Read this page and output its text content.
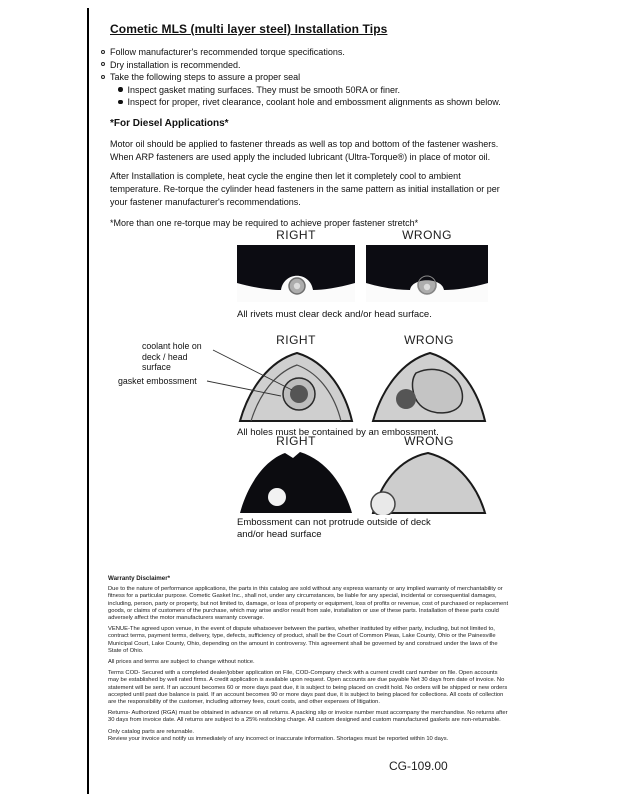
Cometic MLS (multi layer steel) Installation Tips
Follow manufacturer's recommended torque specifications.
Dry installation is recommended.
Take the following steps to assure a proper seal
Inspect gasket mating surfaces. They must be smooth 50RA or finer.
Inspect for proper, rivet clearance, coolant hole and embossment alignments as shown below.
*For Diesel Applications*

Motor oil should be applied to fastener threads as well as top and bottom of the fastener washers. When ARP fasteners are used apply the included lubricant (Ultra-Torque®) in place of motor oil.

After Installation is complete, heat cycle the engine then let it completely cool to ambient temperature. Re-torque the cylinder head fasteners in the same pattern as initial installation or per your fastener manufacturer's recommendations.

*More than one re-torque may be required to achieve proper fastener stretch*

RIGHT	WRONG
All rivets must clear deck and/or head surface.
RIGHT	WRONG
coolant hole on
deck / head surface
gasket embossment
All holes must be contained by an embossment.
RIGHT	WRONG
Embossment can not protrude outside of deck
and/or head surface
Warranty Disclaimer*

Due to the nature of performance applications, the parts in this catalog are sold without any express warranty or any implied warranty of merchantability or fitness for a particular purpose. Cometic Gasket Inc., shall not, under any circumstances, be liable for any special, incidental or consequential damages, including, person, party or property, but not limited to, damage, or loss of property or equipment, loss of profits or revenue, cost of purchased or replacement goods, or claims of customers of the purchase, which may arise and/or result from sale, installation or use of these parts. Installation of these parts could adversely affect the motor manufacturers warranty coverage.

VENUE-The agreed upon venue, in the event of dispute whatsoever between the parties, whether instituted by either party, including, but not limited to, contract terms, payment terms, delivery, type, defects, sufficiency of product, shall be the Court of Common Pleas, Lake County, Ohio or the Painesville Municipal Court, Lake County, Ohio, depending on the amount in controversy. This agreement shall be governed by and construed under the laws of the State of Ohio.

All prices and terms are subject to change without notice.

Terms COD- Secured with a completed dealer/jobber application on File, COD-Company check with a current credit card number on file. Open accounts may be established by well rated firms. A credit application is available upon request. Open accounts are due payable Net 30 days from date of invoice. No statement will be sent. If an account becomes 60 or more days past due, it is subject to being placed on credit hold. No orders will be shipped or new orders accepted until past due balance is paid. If an account becomes 90 or more days past due, it is subject to being placed for collections. All costs of collection are the responsibility of the customer, including attorney fees, court costs, and other expenses of litigation.

Returns- Authorized (RGA) must be obtained in advance on all returns. A packing slip or invoice number must accompany the merchandise. No returns after 30 days from invoice date. All returns are subject to a 25% restocking charge. All custom designed and custom manufactured gaskets are non-returnable.

Only catalog parts are returnable.

Review your invoice and notify us immediately of any incorrect or inaccurate information. Shortages must be reported within 10 days.

CG-109.00
